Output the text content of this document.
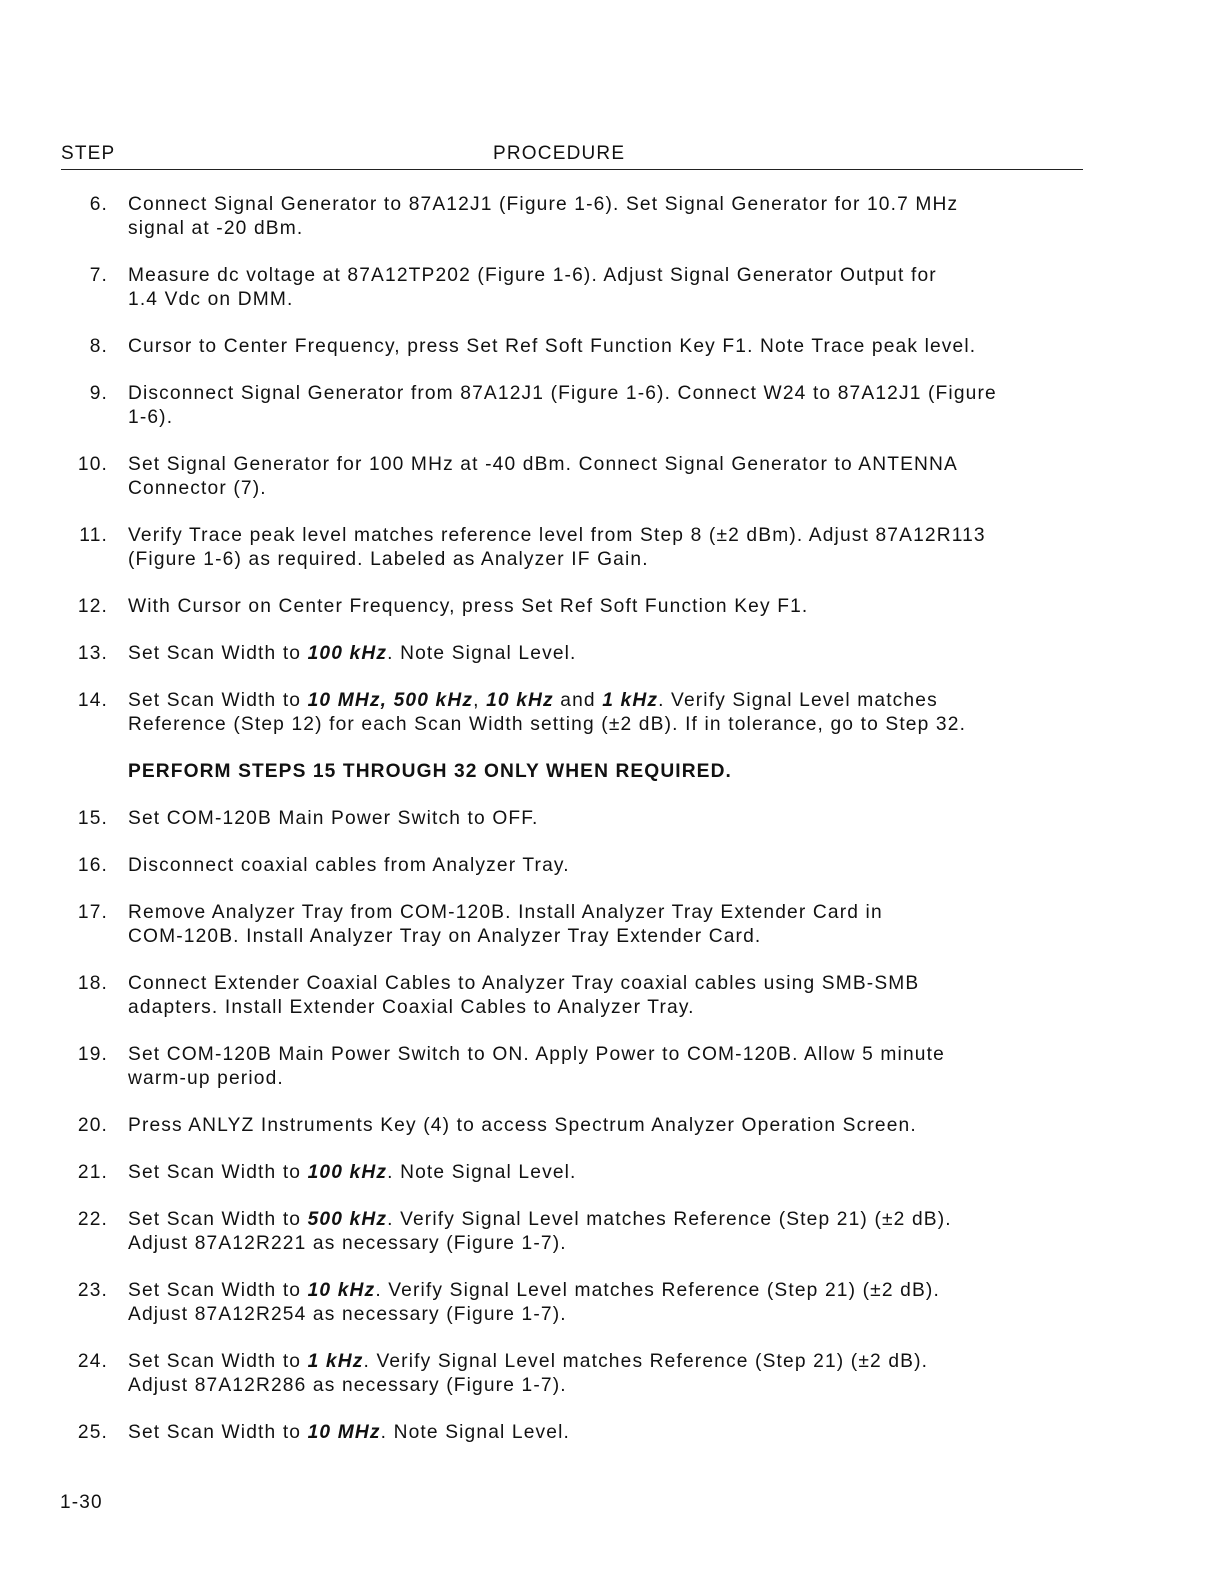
STEP	PROCEDURE
6. Connect Signal Generator to 87A12J1 (Figure 1-6). Set Signal Generator for 10.7 MHz
signal at -20 dBm.
7. Measure dc voltage at 87A12TP202 (Figure 1-6). Adjust Signal Generator Output for
1.4 Vdc on DMM.
8. Cursor to Center Frequency, press Set Ref Soft Function Key F1. Note Trace peak level.
9. Disconnect Signal Generator from 87A12J1 (Figure 1-6). Connect W24 to 87A12J1 (Figure
1-6).
10. Set Signal Generator for 100 MHz at -40 dBm. Connect Signal Generator to ANTENNA
Connector (7).
11. Verify Trace peak level matches reference level from Step 8 (±2 dBm). Adjust 87A12R113
(Figure 1-6) as required. Labeled as Analyzer IF Gain.
12. With Cursor on Center Frequency, press Set Ref Soft Function Key F1.
13. Set Scan Width to 100 kHz. Note Signal Level.
14. Set Scan Width to 10 MHz, 500 kHz, 10 kHz and 1 kHz. Verify Signal Level matches
Reference (Step 12) for each Scan Width setting (±2 dB). If in tolerance, go to Step 32.
PERFORM STEPS 15 THROUGH 32 ONLY WHEN REQUIRED.
15. Set COM-120B Main Power Switch to OFF.
16. Disconnect coaxial cables from Analyzer Tray.
17. Remove Analyzer Tray from COM-120B. Install Analyzer Tray Extender Card in
COM-120B. Install Analyzer Tray on Analyzer Tray Extender Card.
18. Connect Extender Coaxial Cables to Analyzer Tray coaxial cables using SMB-SMB
adapters. Install Extender Coaxial Cables to Analyzer Tray.
19. Set COM-120B Main Power Switch to ON. Apply Power to COM-120B. Allow 5 minute
warm-up period.
20. Press ANLYZ Instruments Key (4) to access Spectrum Analyzer Operation Screen.
21. Set Scan Width to 100 kHz. Note Signal Level.
22. Set Scan Width to 500 kHz. Verify Signal Level matches Reference (Step 21) (±2 dB).
Adjust 87A12R221 as necessary (Figure 1-7).
23. Set Scan Width to 10 kHz. Verify Signal Level matches Reference (Step 21) (±2 dB).
Adjust 87A12R254 as necessary (Figure 1-7).
24. Set Scan Width to 1 kHz. Verify Signal Level matches Reference (Step 21) (±2 dB).
Adjust 87A12R286 as necessary (Figure 1-7).
25. Set Scan Width to 10 MHz. Note Signal Level.
1-30
